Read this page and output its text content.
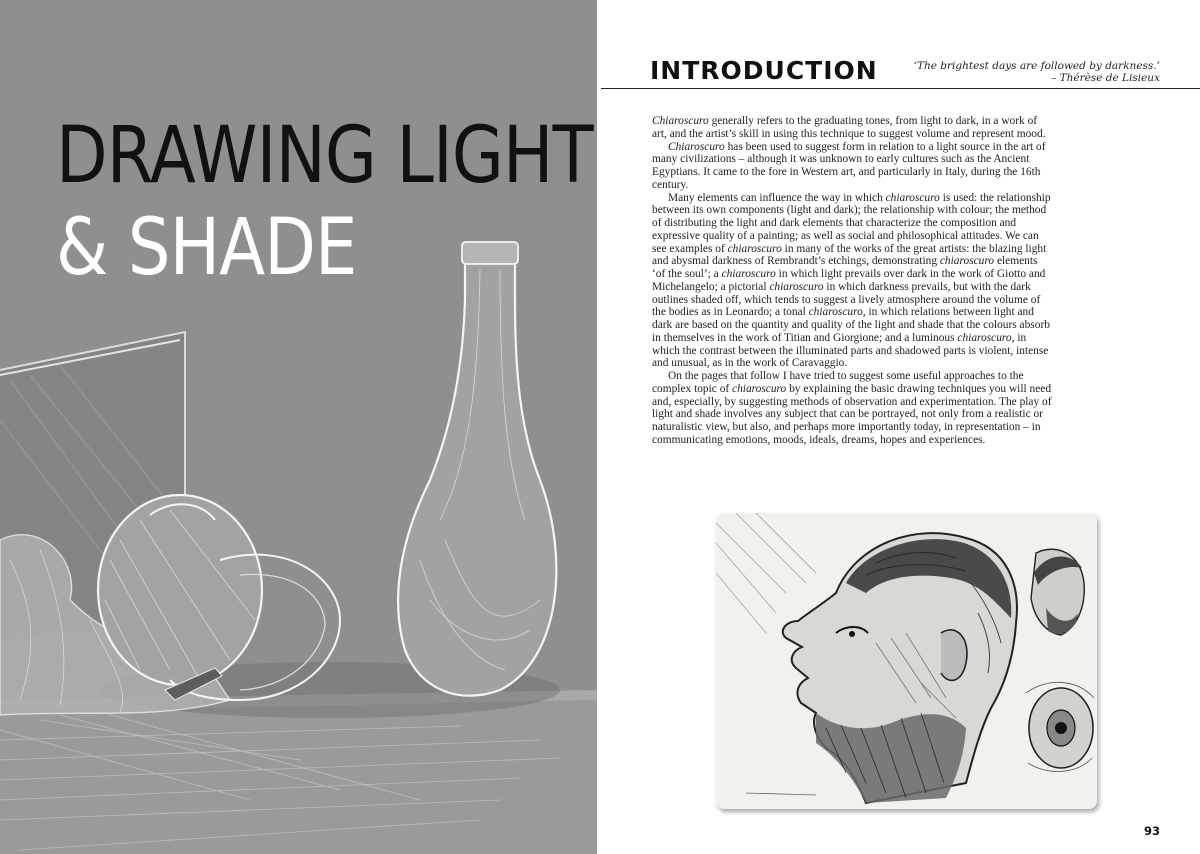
DRAWING LIGHT
& SHADE
INTRODUCTION	‘The brightest days are followed by darkness.’
– Thérèse de Lisieux

Chiaroscuro generally refers to the graduating tones, from light to dark, in a work of art, and the artist’s skill in using this technique to suggest volume and represent mood.

Chiaroscuro has been used to suggest form in relation to a light source in the art of many civilizations – although it was unknown to early cultures such as the Ancient Egyptians. It came to the fore in Western art, and particularly in Italy, during the 16th century.

Many elements can influence the way in which chiaroscuro is used: the relationship between its own components (light and dark); the relationship with colour; the method of distributing the light and dark elements that characterize the composition and expressive quality of a painting; as well as social and philosophical attitudes. We can see examples of chiaroscuro in many of the works of the great artists: the blazing light and abysmal darkness of Rembrandt’s etchings, demonstrating chiaroscuro elements ‘of the soul’; a chiaroscuro in which light prevails over dark in the work of Giotto and Michelangelo; a pictorial chiaroscuro in which darkness prevails, but with the dark outlines shaded off, which tends to suggest a lively atmosphere around the volume of the bodies as in Leonardo; a tonal chiaroscuro, in which relations between light and dark are based on the quantity and quality of the light and shade that the colours absorb in themselves in the work of Titian and Giorgione; and a luminous chiaroscuro, in which the contrast between the illuminated parts and shadowed parts is violent, intense and unusual, as in the work of Caravaggio.

On the pages that follow I have tried to suggest some useful approaches to the complex topic of chiaroscuro by explaining the basic drawing techniques you will need and, especially, by suggesting methods of observation and experimentation. The play of light and shade involves any subject that can be portrayed, not only from a realistic or naturalistic view, but also, and perhaps more importantly today, in representation – in communicating emotions, moods, ideals, dreams, hopes and experiences.

93
